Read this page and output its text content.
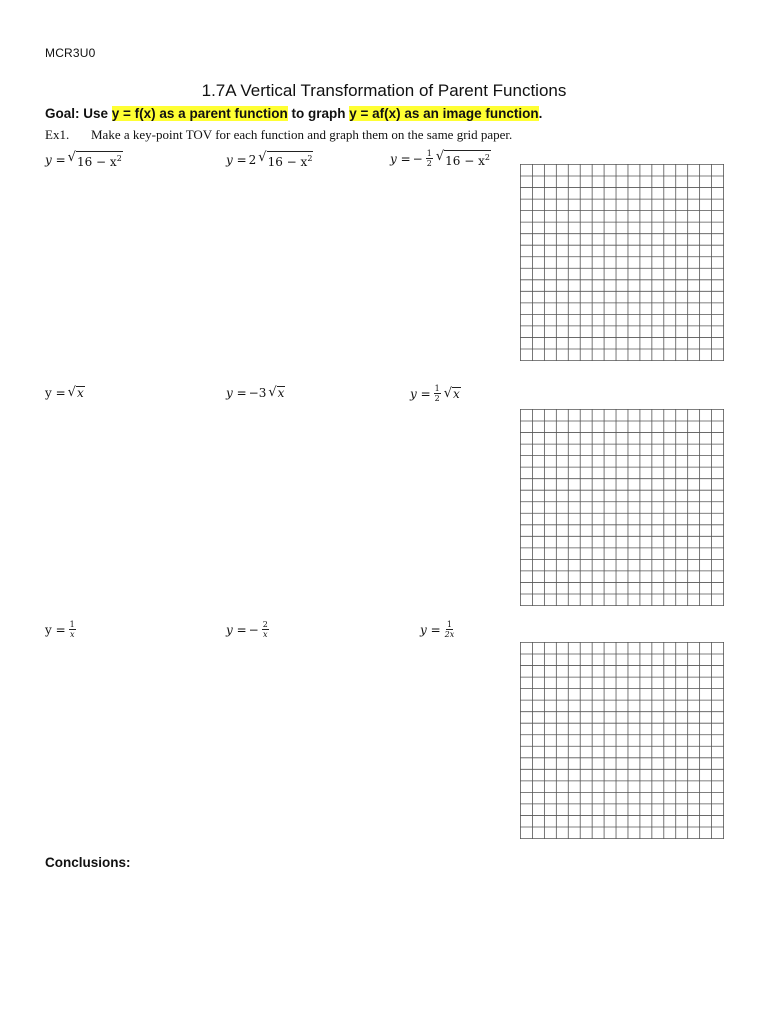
MCR3U0
1.7A Vertical Transformation of Parent Functions
Goal: Use y = f(x) as a parent function to graph y = af(x) as an image function.
Ex1. Make a key-point TOV for each function and graph them on the same grid paper.
y = √ $16 - x^2$	y = 2 √ $16 - x^2$	y = − $\frac{1}{2}$ √ $16 - x^2$
y = √ x	y = −3 √ x	$y = \frac{1}{2}$ √ x
$y = \frac{1}{x}$	y = − $\frac{2}{x}$	$y = \frac{1}{2x}$
Conclusions:
